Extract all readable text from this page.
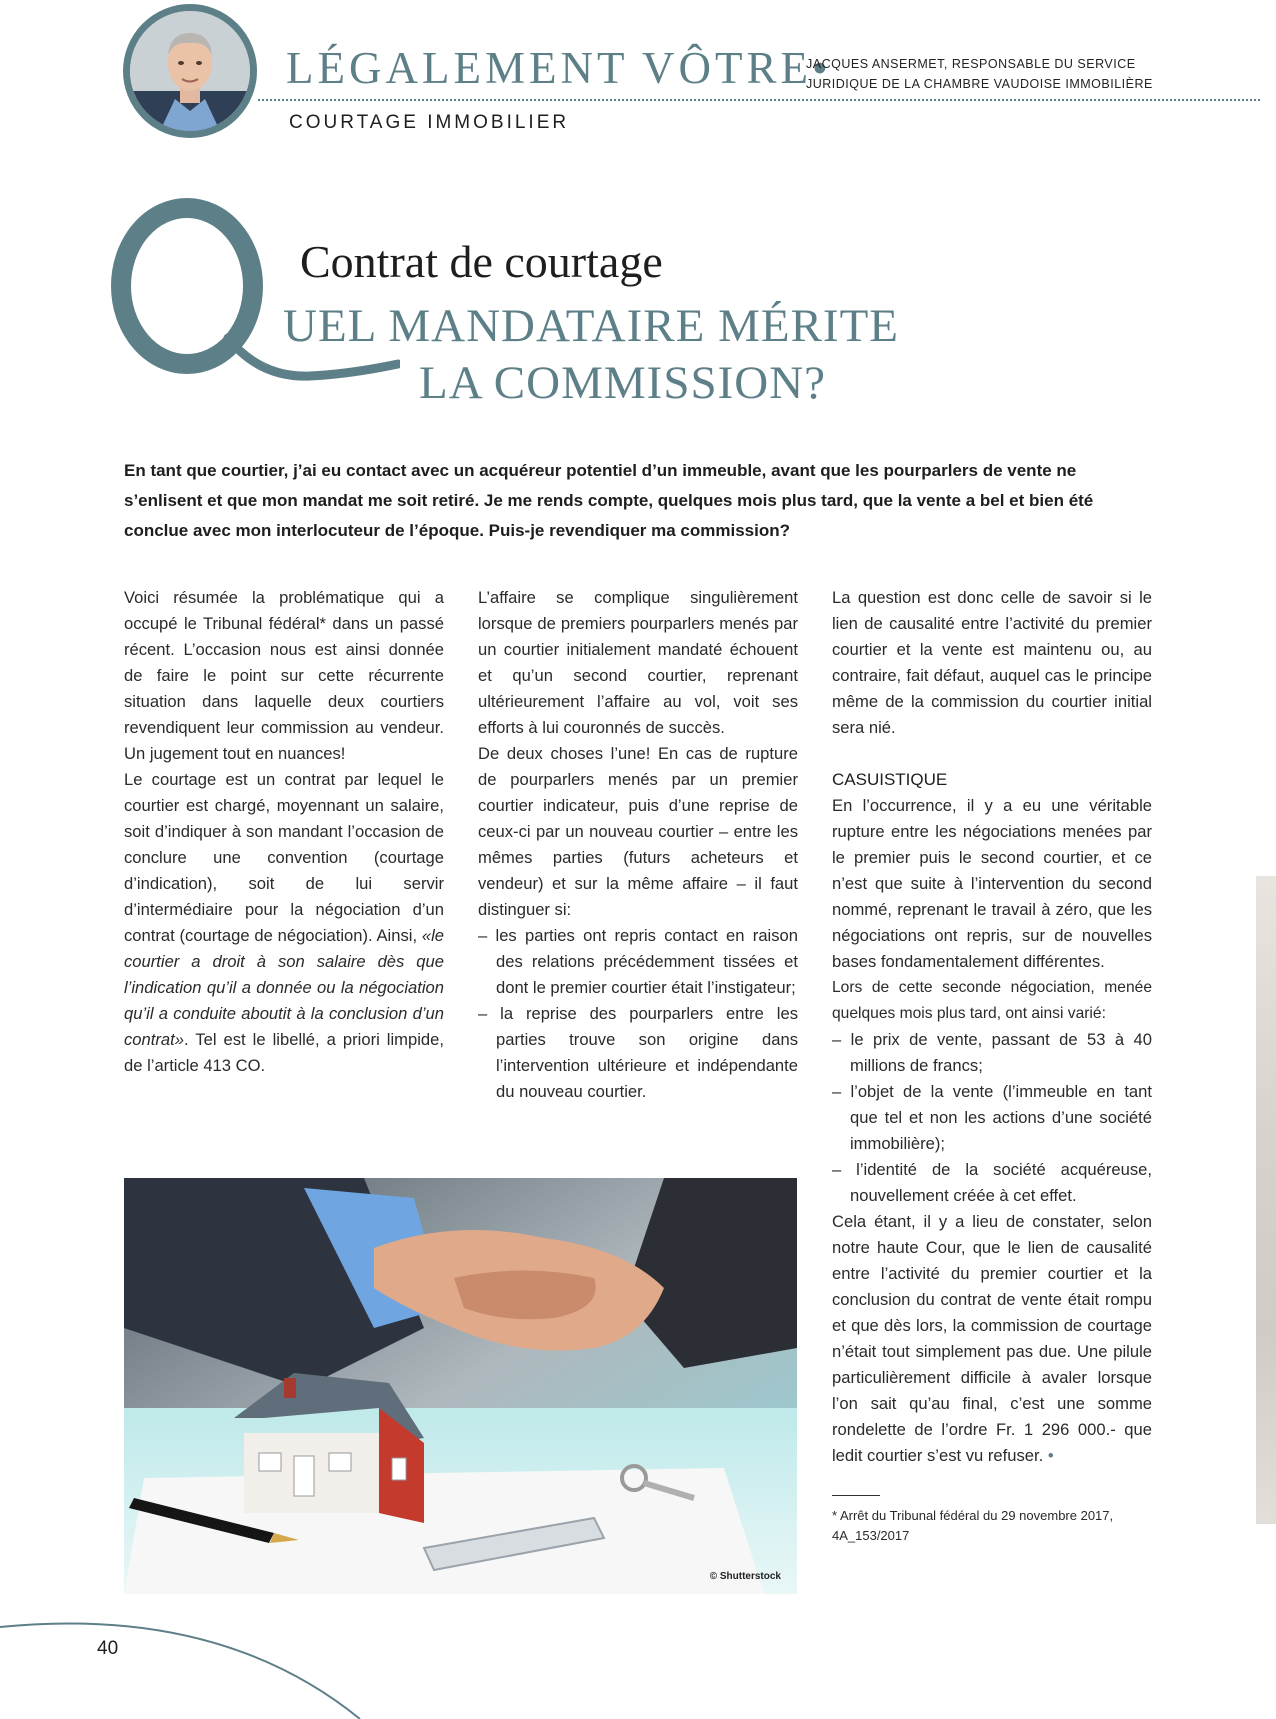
LÉGALEMENT VÔTRE•
JACQUES ANSERMET, RESPONSABLE DU SERVICE
JURIDIQUE DE LA CHAMBRE VAUDOISE IMMOBILIÈRE
COURTAGE IMMOBILIER
Contrat de courtage
UEL MANDATAIRE MÉRITE
LA COMMISSION?
En tant que courtier, j’ai eu contact avec un acquéreur potentiel d’un immeuble, avant que les pourparlers de vente ne s’enlisent et que mon mandat me soit retiré. Je me rends compte, quelques mois plus tard, que la vente a bel et bien été conclue avec mon interlocuteur de l’époque. Puis-je revendiquer ma commission?

Voici résumée la problématique qui a occupé le Tribunal fédéral* dans un passé récent. L’occasion nous est ainsi donnée de faire le point sur cette récurrente situation dans laquelle deux courtiers revendiquent leur commission au vendeur. Un jugement tout en nuances!

Le courtage est un contrat par lequel le courtier est chargé, moyennant un salaire, soit d’indiquer à son mandant l’occasion de conclure une convention (courtage d’indication), soit de lui servir d’intermédiaire pour la négociation d’un contrat (courtage de négociation). Ainsi, «le courtier a droit à son salaire dès que l’indication qu’il a donnée ou la négociation qu’il a conduite aboutit à la conclusion d’un contrat». Tel est le libellé, a priori limpide, de l’article 413 CO.

L’affaire se complique singulièrement lorsque de premiers pourparlers menés par un courtier initialement mandaté échouent et qu’un second courtier, reprenant ultérieurement l’affaire au vol, voit ses efforts à lui couronnés de succès.

De deux choses l’une! En cas de rupture de pourparlers menés par un premier courtier indicateur, puis d’une reprise de ceux-ci par un nouveau courtier – entre les mêmes parties (futurs acheteurs et vendeur) et sur la même affaire – il faut distinguer si:

– les parties ont repris contact en raison des relations précédemment tissées et dont le premier courtier était l’instigateur;
– la reprise des pourparlers entre les parties trouve son origine dans l’intervention ultérieure et indépendante du nouveau courtier.

La question est donc celle de savoir si le lien de causalité entre l’activité du premier courtier et la vente est maintenu ou, au contraire, fait défaut, auquel cas le principe même de la commission du courtier initial sera nié.

CASUISTIQUE

En l’occurrence, il y a eu une véritable rupture entre les négociations menées par le premier puis le second courtier, et ce n’est que suite à l’intervention du second nommé, reprenant le travail à zéro, que les négociations ont repris, sur de nouvelles bases fondamentalement différentes.

Lors de cette seconde négociation, menée quelques mois plus tard, ont ainsi varié:

– le prix de vente, passant de 53 à 40 millions de francs;
– l’objet de la vente (l’immeuble en tant que tel et non les actions d’une société immobilière);
– l’identité de la société acquéreuse, nouvellement créée à cet effet.

Cela étant, il y a lieu de constater, selon notre haute Cour, que le lien de causalité entre l’activité du premier courtier et la conclusion du contrat de vente était rompu et que dès lors, la commission de courtage n’était tout simplement pas due. Une pilule particulièrement difficile à avaler lorsque l’on sait qu’au final, c’est une somme rondelette de l’ordre Fr. 1 296 000.- que ledit courtier s’est vu refuser. •

* Arrêt du Tribunal fédéral du 29 novembre 2017, 4A_153/2017
© Shutterstock
40
